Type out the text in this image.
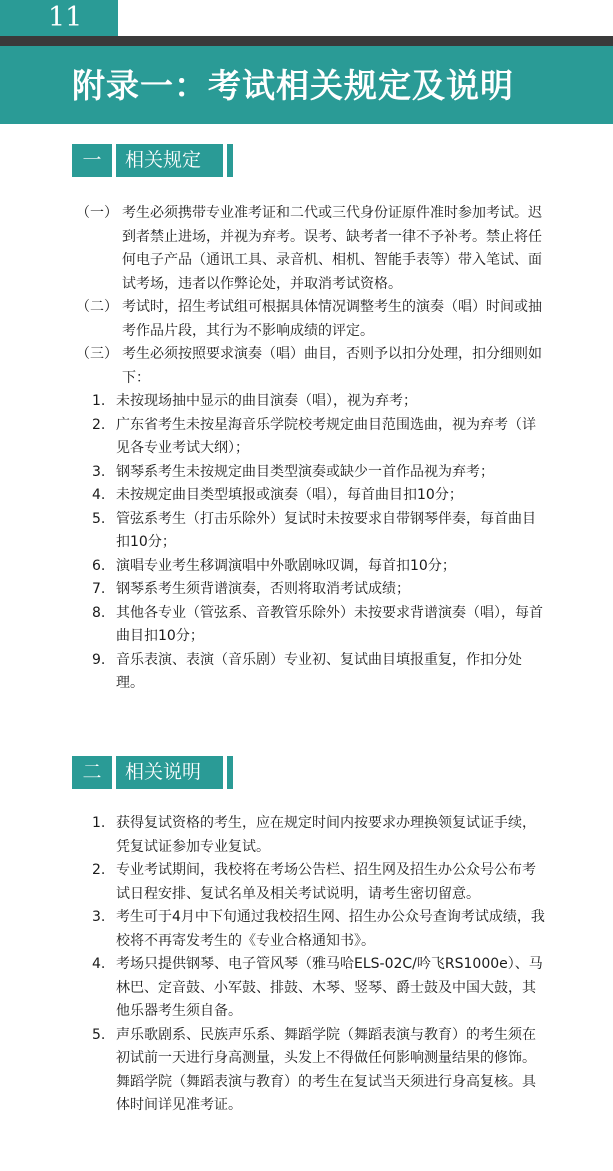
11
附录一：考试相关规定及说明
一	相关规定
（一） 考生必须携带专业准考证和二代或三代身份证原件准时参加考试。迟到者禁止进场，并视为弃考。误考、缺考者一律不予补考。禁止将任何电子产品（通讯工具、录音机、相机、智能手表等）带入笔试、面试考场，违者以作弊论处，并取消考试资格。
（二） 考试时，招生考试组可根据具体情况调整考生的演奏（唱）时间或抽考作品片段，其行为不影响成绩的评定。
（三） 考生必须按照要求演奏（唱）曲目，否则予以扣分处理，扣分细则如下：
1. 未按现场抽中显示的曲目演奏（唱），视为弃考；
2. 广东省考生未按星海音乐学院校考规定曲目范围选曲，视为弃考（详见各专业考试大纲）；
3. 钢琴系考生未按规定曲目类型演奏或缺少一首作品视为弃考；
4. 未按规定曲目类型填报或演奏（唱），每首曲目扣10分；
5. 管弦系考生（打击乐除外）复试时未按要求自带钢琴伴奏，每首曲目扣10分；
6. 演唱专业考生移调演唱中外歌剧咏叹调，每首扣10分；
7. 钢琴系考生须背谱演奏，否则将取消考试成绩；
8. 其他各专业（管弦系、音教管乐除外）未按要求背谱演奏（唱），每首曲目扣10分；
9. 音乐表演、表演（音乐剧）专业初、复试曲目填报重复，作扣分处理。
二	相关说明
1. 获得复试资格的考生，应在规定时间内按要求办理换领复试证手续，凭复试证参加专业复试。
2. 专业考试期间，我校将在考场公告栏、招生网及招生办公众号公布考试日程安排、复试名单及相关考试说明，请考生密切留意。
3. 考生可于4月中下旬通过我校招生网、招生办公众号查询考试成绩，我校将不再寄发考生的《专业合格通知书》。
4. 考场只提供钢琴、电子管风琴（雅马哈ELS-02C/吟飞RS1000e）、马林巴、定音鼓、小军鼓、排鼓、木琴、竖琴、爵士鼓及中国大鼓，其他乐器考生须自备。
5. 声乐歌剧系、民族声乐系、舞蹈学院（舞蹈表演与教育）的考生须在初试前一天进行身高测量，头发上不得做任何影响测量结果的修饰。舞蹈学院（舞蹈表演与教育）的考生在复试当天须进行身高复核。具体时间详见准考证。
